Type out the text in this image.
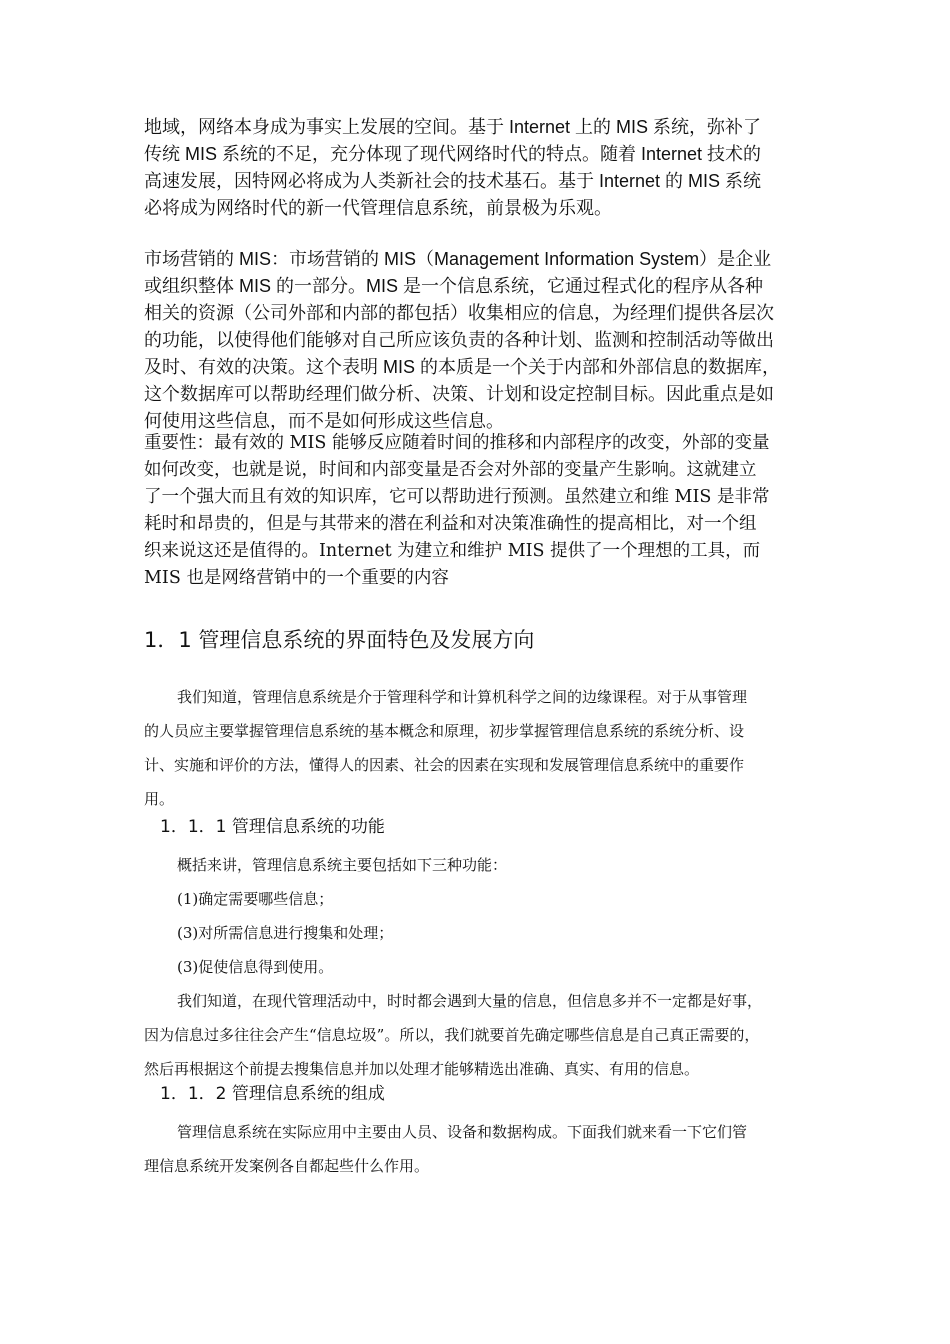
地域，网络本身成为事实上发展的空间。基于 Internet 上的 MIS 系统，弥补了
传统 MIS 系统的不足，充分体现了现代网络时代的特点。随着 Internet 技术的
高速发展，因特网必将成为人类新社会的技术基石。基于 Internet 的 MIS 系统
必将成为网络时代的新一代管理信息系统，前景极为乐观。
市场营销的 MIS：市场营销的 MIS（Management Information System）是企业
或组织整体 MIS 的一部分。MIS 是一个信息系统，它通过程式化的程序从各种
相关的资源（公司外部和内部的都包括）收集相应的信息，为经理们提供各层次
的功能，以使得他们能够对自己所应该负责的各种计划、监测和控制活动等做出
及时、有效的决策。这个表明 MIS 的本质是一个关于内部和外部信息的数据库，
这个数据库可以帮助经理们做分析、决策、计划和设定控制目标。因此重点是如
何使用这些信息，而不是如何形成这些信息。
重要性：最有效的 MIS 能够反应随着时间的推移和内部程序的改变，外部的变量
如何改变，也就是说，时间和内部变量是否会对外部的变量产生影响。这就建立
了一个强大而且有效的知识库，它可以帮助进行预测。虽然建立和维 MIS 是非常
耗时和昂贵的，但是与其带来的潜在利益和对决策准确性的提高相比，对一个组
织来说这还是值得的。Internet 为建立和维护 MIS 提供了一个理想的工具，而
MIS 也是网络营销中的一个重要的内容
1．1 管理信息系统的界面特色及发展方向
我们知道，管理信息系统是介于管理科学和计算机科学之间的边缘课程。对于从事管理
的人员应主要掌握管理信息系统的基本概念和原理，初步掌握管理信息系统的系统分析、设
计、实施和评价的方法，懂得人的因素、社会的因素在实现和发展管理信息系统中的重要作
用。
1．1．1 管理信息系统的功能
概括来讲，管理信息系统主要包括如下三种功能：
(1)确定需要哪些信息；
(3)对所需信息进行搜集和处理；
(3)促使信息得到使用。
我们知道，在现代管理活动中，时时都会遇到大量的信息，但信息多并不一定都是好事，
因为信息过多往往会产生“信息垃圾”。所以，我们就要首先确定哪些信息是自己真正需要的，
然后再根据这个前提去搜集信息并加以处理才能够精选出准确、真实、有用的信息。
1．1．2 管理信息系统的组成
管理信息系统在实际应用中主要由人员、设备和数据构成。下面我们就来看一下它们管
理信息系统开发案例各自都起些什么作用。
